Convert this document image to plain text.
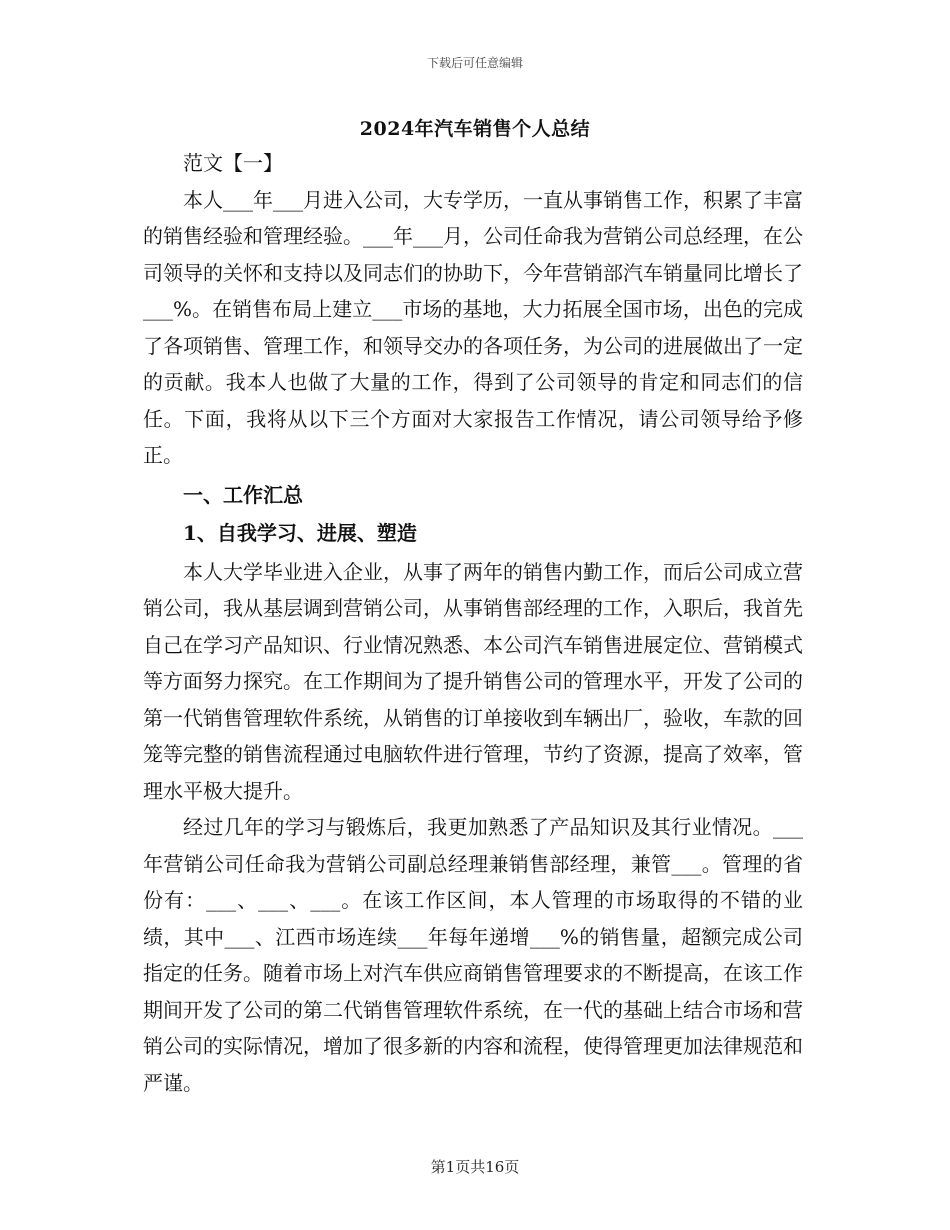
下载后可任意编辑
2024年汽车销售个人总结

范文【一】

本人___年___月进入公司，大专学历，一直从事销售工作，积累了丰富的销售经验和管理经验。___年___月，公司任命我为营销公司总经理，在公司领导的关怀和支持以及同志们的协助下，今年营销部汽车销量同比增长了___%。在销售布局上建立___市场的基地，大力拓展全国市场，出色的完成了各项销售、管理工作，和领导交办的各项任务，为公司的进展做出了一定的贡献。我本人也做了大量的工作，得到了公司领导的肯定和同志们的信任。下面，我将从以下三个方面对大家报告工作情况，请公司领导给予修正。

一、工作汇总

1、自我学习、进展、塑造

本人大学毕业进入企业，从事了两年的销售内勤工作，而后公司成立营销公司，我从基层调到营销公司，从事销售部经理的工作，入职后，我首先自己在学习产品知识、行业情况熟悉、本公司汽车销售进展定位、营销模式等方面努力探究。在工作期间为了提升销售公司的管理水平，开发了公司的第一代销售管理软件系统，从销售的订单接收到车辆出厂，验收，车款的回笼等完整的销售流程通过电脑软件进行管理，节约了资源，提高了效率，管理水平极大提升。

经过几年的学习与锻炼后，我更加熟悉了产品知识及其行业情况。___年营销公司任命我为营销公司副总经理兼销售部经理，兼管___。管理的省份有：___、___、___。在该工作区间，本人管理的市场取得的不错的业绩，其中___、江西市场连续___年每年递增___%的销售量，超额完成公司指定的任务。随着市场上对汽车供应商销售管理要求的不断提高，在该工作期间开发了公司的第二代销售管理软件系统，在一代的基础上结合市场和营销公司的实际情况，增加了很多新的内容和流程，使得管理更加法律规范和严谨。

第1页共16页
